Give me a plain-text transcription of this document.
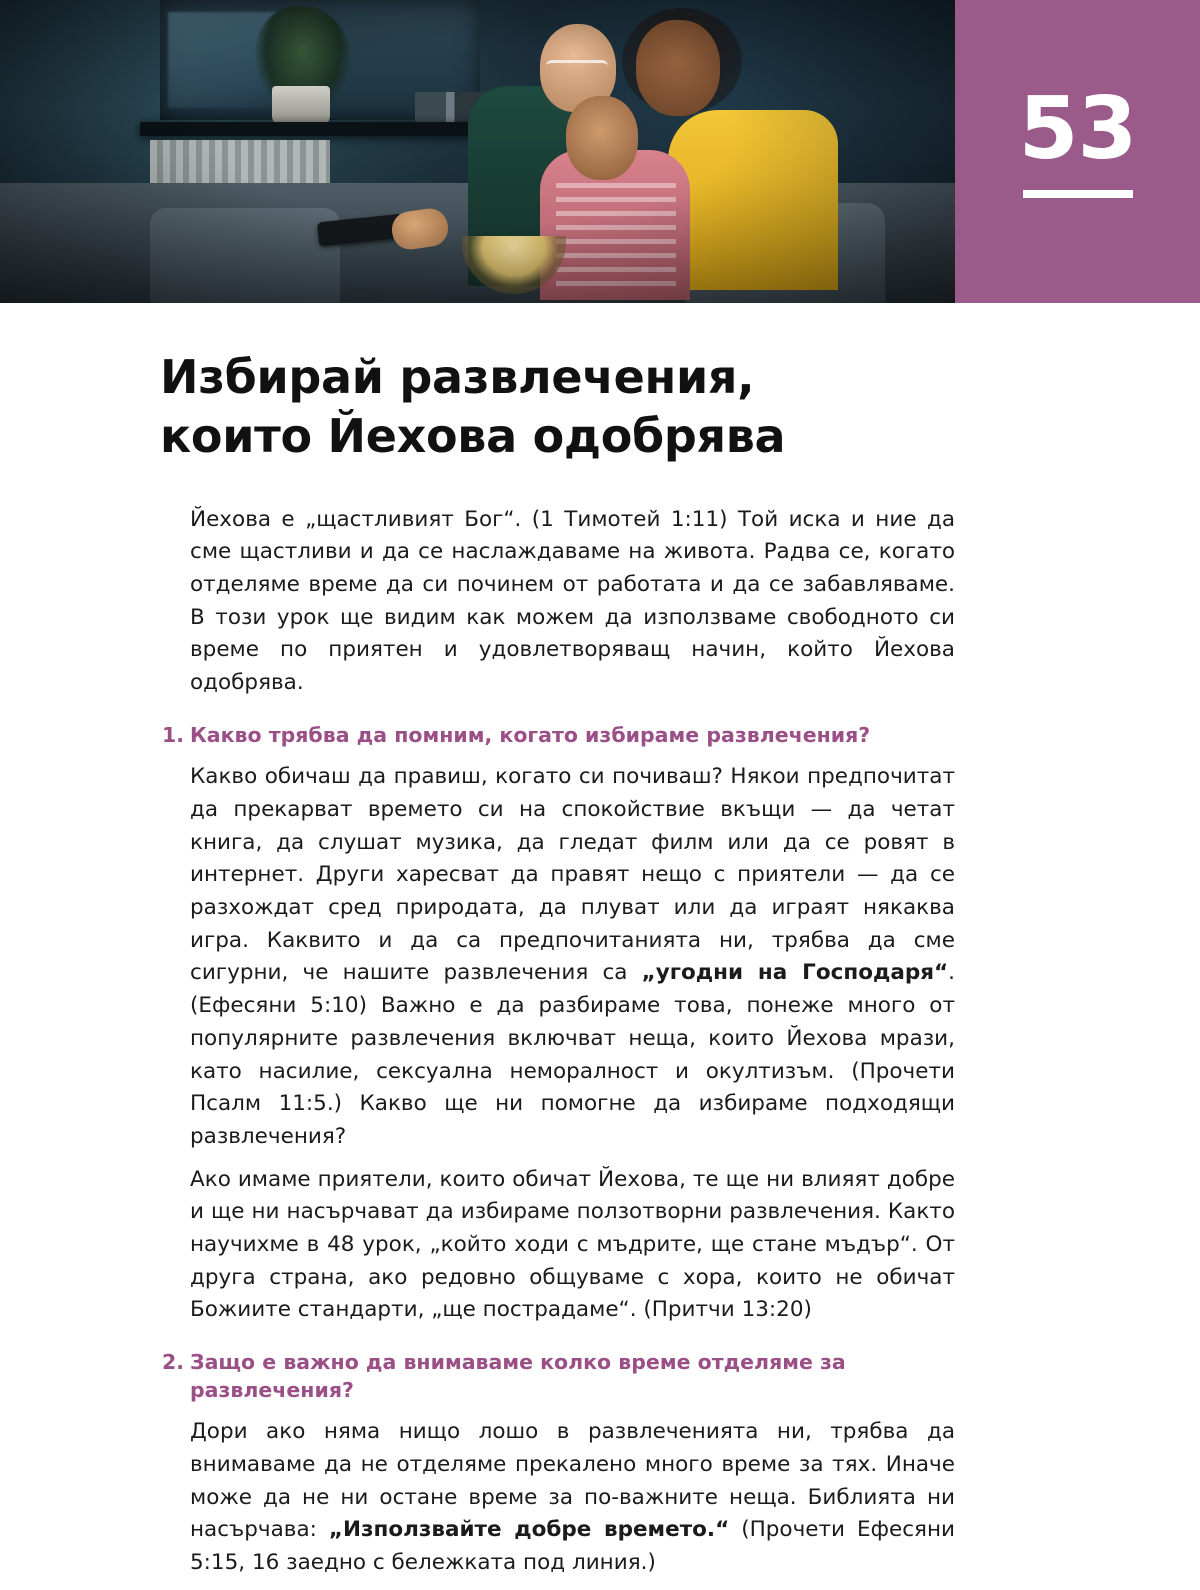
53
Избирай развлечения,
които Йехова одобрява

Йехова е „щастливият Бог“. (1 Тимотей 1:11) Той иска и ние да сме щастливи и да се наслаждаваме на живота. Радва се, когато отделяме време да си починем от работата и да се забавляваме. В този урок ще видим как можем да използваме свободното си време по приятен и удовлетворяващ начин, който Йехова одобрява.

1. Какво трябва да помним, когато избираме развлечения?

Какво обичаш да правиш, когато си почиваш? Някои предпочитат да прекарват времето си на спокойствие вкъщи — да четат книга, да слушат музика, да гледат филм или да се ровят в интернет. Други харесват да правят нещо с приятели — да се разхождат сред природата, да плуват или да играят някаква игра. Каквито и да са предпочитанията ни, трябва да сме сигурни, че нашите развлечения са „угодни на Господаря“. (Ефесяни 5:10) Важно е да разбираме това, понеже много от популярните развлечения включват неща, които Йехова мрази, като насилие, сексуална неморалност и окултизъм. (Прочети Псалм 11:5.) Какво ще ни помогне да избираме подходящи развлечения?

Ако имаме приятели, които обичат Йехова, те ще ни влияят добре и ще ни насърчават да избираме ползотворни развлечения. Както научихме в 48 урок, „който ходи с мъдрите, ще стане мъдър“. От друга страна, ако редовно общуваме с хора, които не обичат Божиите стандарти, „ще пострадаме“. (Притчи 13:20)

2. Защо е важно да внимаваме колко време отделяме за развлечения?

Дори ако няма нищо лошо в развлеченията ни, трябва да внимаваме да не отделяме прекалено много време за тях. Иначе може да не ни остане време за по-важните неща. Библията ни насърчава: „Използвайте добре времето.“ (Прочети Ефесяни 5:15, 16 заедно с бележката под линия.)
